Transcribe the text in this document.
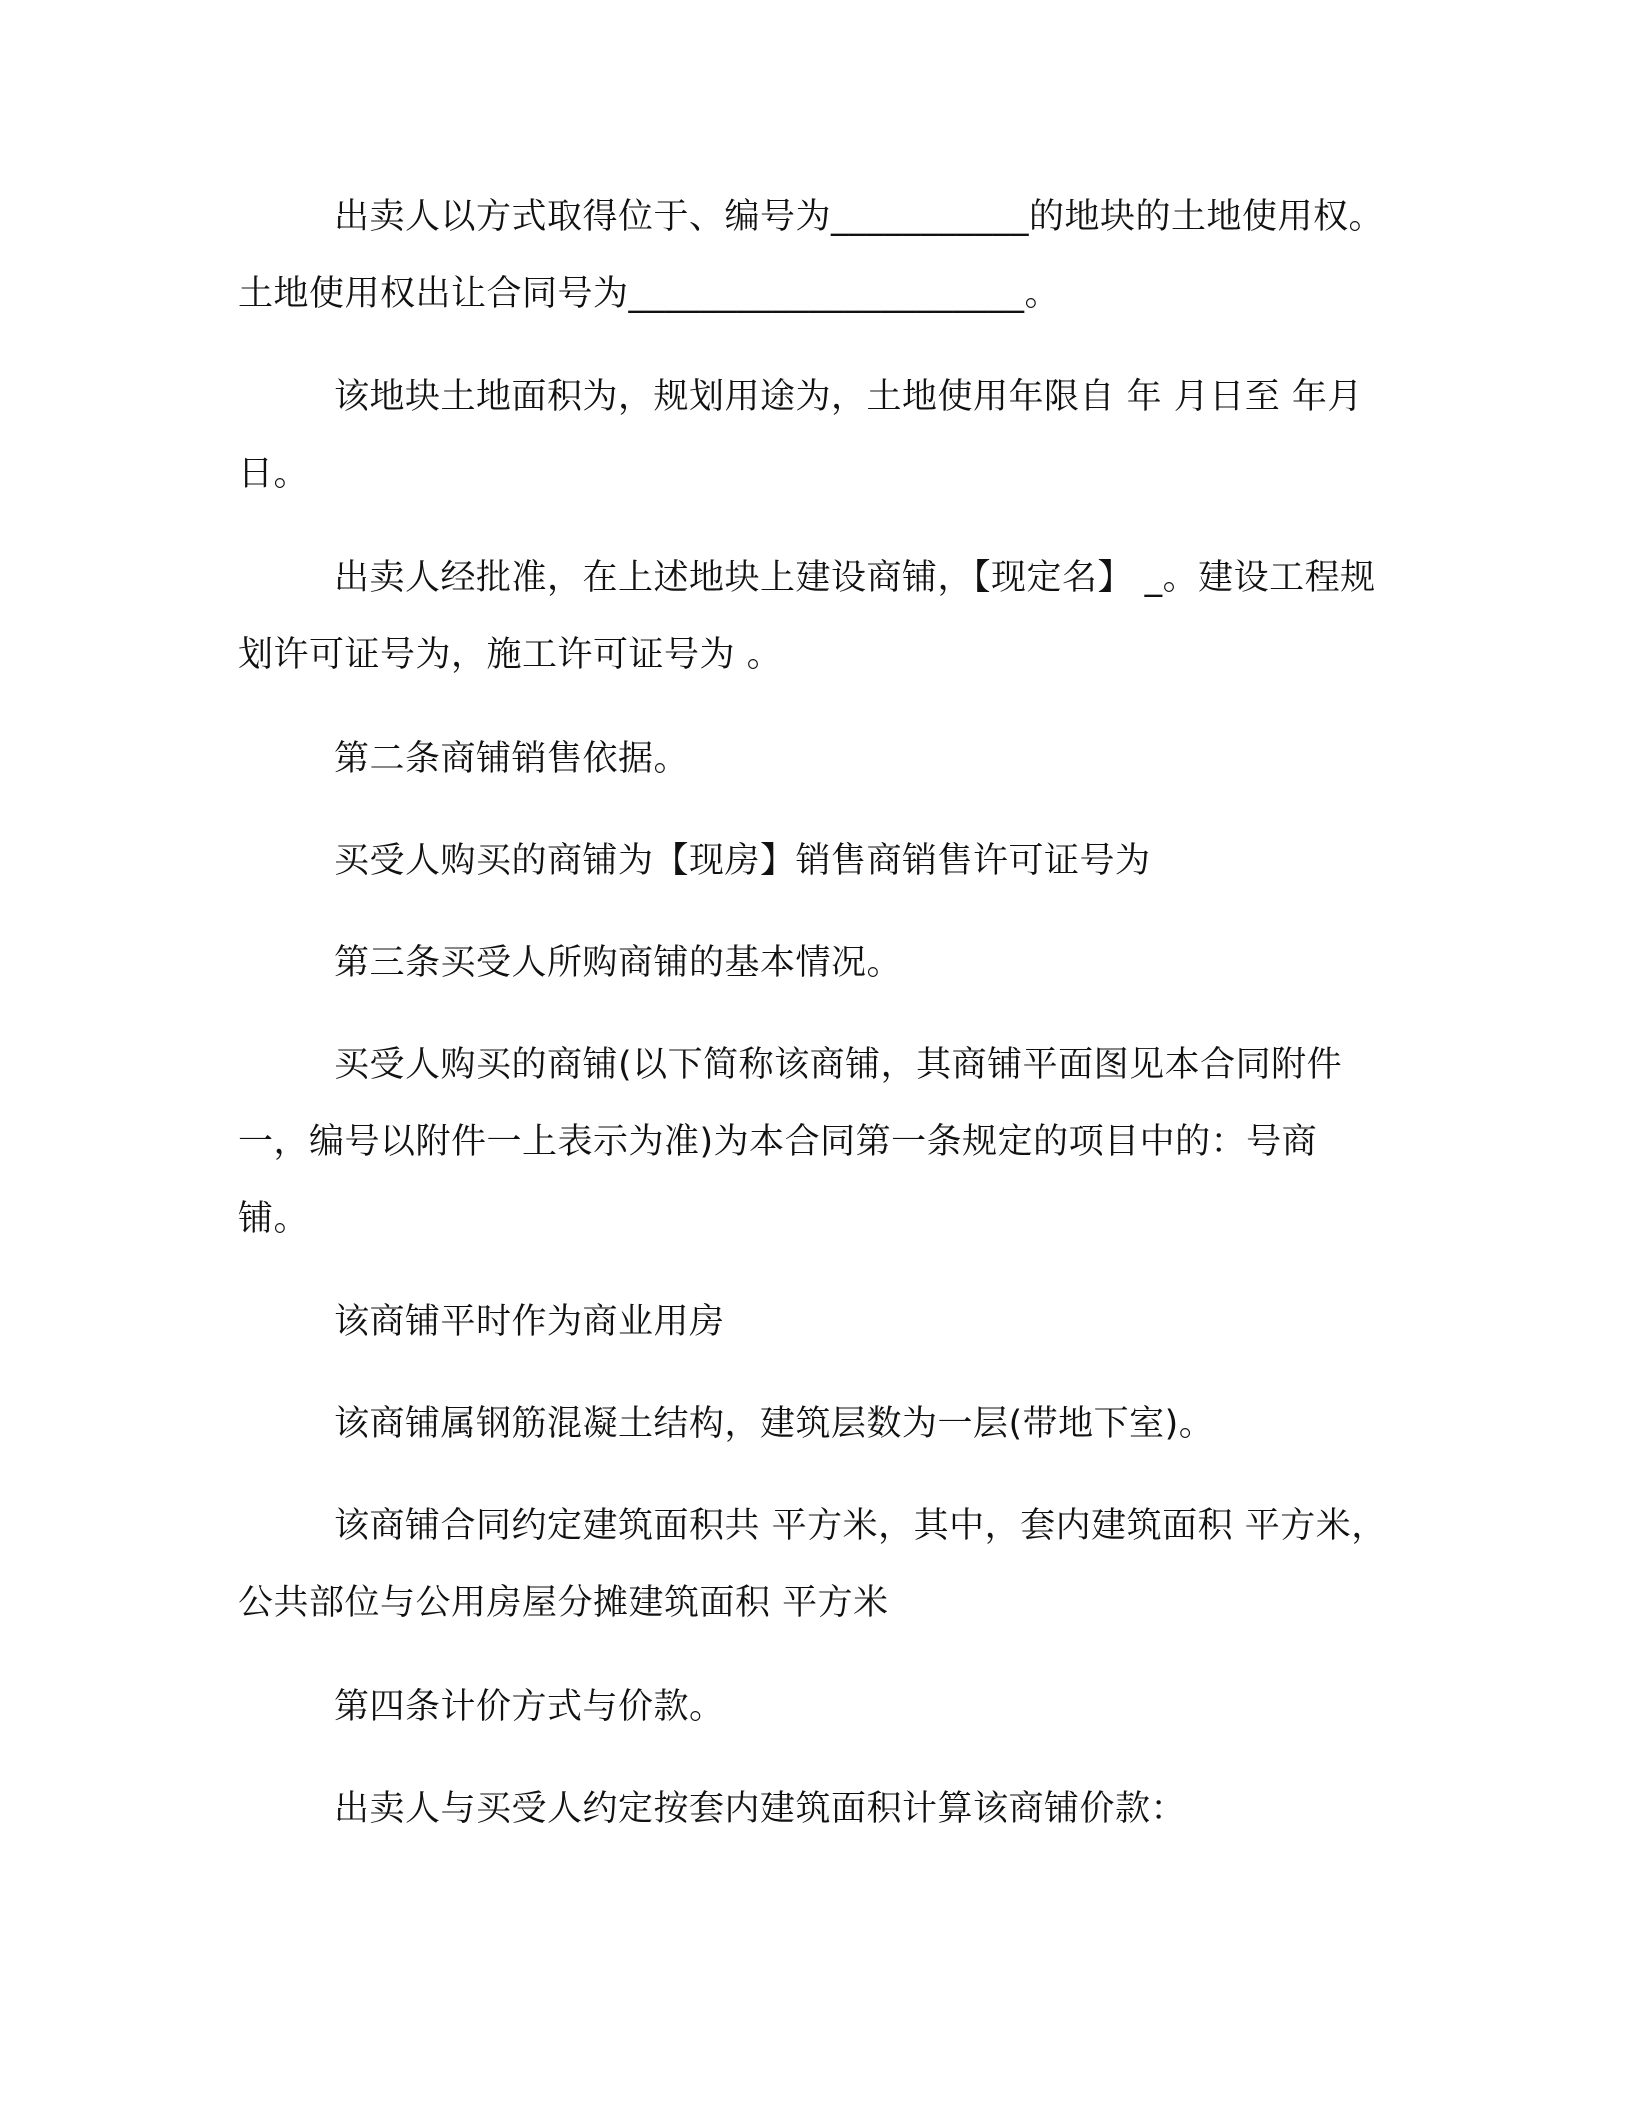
出卖人以方式取得位于、编号为___________的地块的土地使用权。土地使用权出让合同号为______________________。

该地块土地面积为，规划用途为，土地使用年限自 年 月日至 年月 日。

出卖人经批准，在上述地块上建设商铺，【现定名】 _。建设工程规划许可证号为，施工许可证号为 。

第二条商铺销售依据。

买受人购买的商铺为【现房】销售商销售许可证号为

第三条买受人所购商铺的基本情况。

买受人购买的商铺(以下简称该商铺，其商铺平面图见本合同附件一，编号以附件一上表示为准)为本合同第一条规定的项目中的：号商铺。

该商铺平时作为商业用房

该商铺属钢筋混凝土结构，建筑层数为一层(带地下室)。

该商铺合同约定建筑面积共 平方米，其中，套内建筑面积 平方米，公共部位与公用房屋分摊建筑面积 平方米

第四条计价方式与价款。

出卖人与买受人约定按套内建筑面积计算该商铺价款：
